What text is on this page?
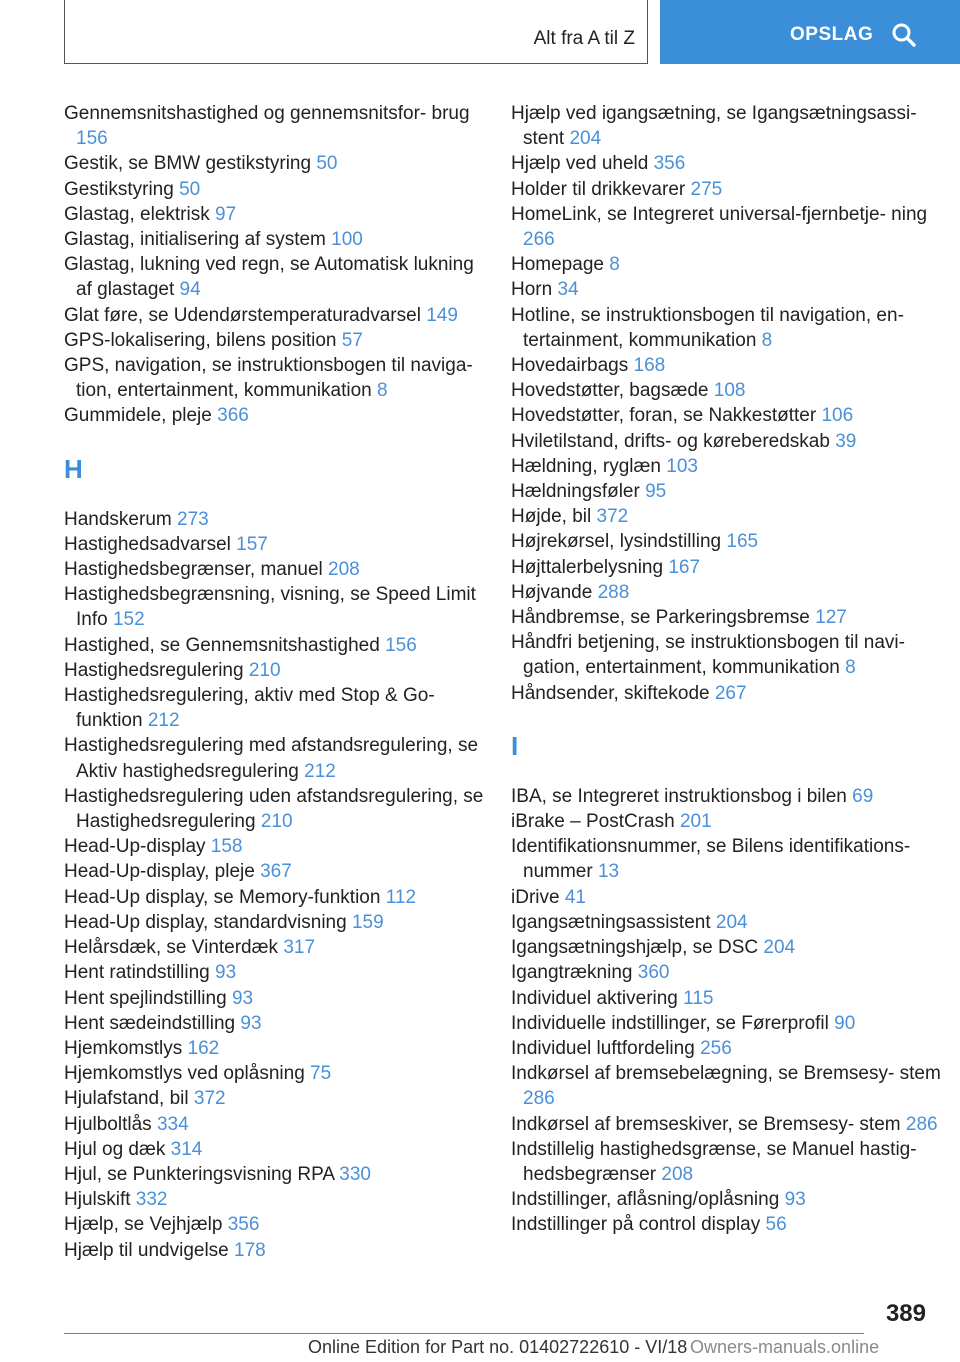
Alt fra A til Z	OPSLAG
Gennemsnitshastighed og gennemsnitsfor- brug 156
Gestik, se BMW gestikstyring 50
Gestikstyring 50
Glastag, elektrisk 97
Glastag, initialisering af system 100
Glastag, lukning ved regn, se Automatisk lukning af glastaget 94
Glat føre, se Udendørstemperaturadvarsel 149
GPS-lokalisering, bilens position 57
GPS, navigation, se instruktionsbogen til naviga- tion, entertainment, kommunikation 8
Gummidele, pleje 366
H
Handskerum 273
Hastighedsadvarsel 157
Hastighedsbegrænser, manuel 208
Hastighedsbegrænsning, visning, se Speed Limit Info 152
Hastighed, se Gennemsnitshastighed 156
Hastighedsregulering 210
Hastighedsregulering, aktiv med Stop & Go- funktion 212
Hastighedsregulering med afstandsregulering, se Aktiv hastighedsregulering 212
Hastighedsregulering uden afstandsregulering, se Hastighedsregulering 210
Head-Up-display 158
Head-Up-display, pleje 367
Head-Up display, se Memory-funktion 112
Head-Up display, standardvisning 159
Helårsdæk, se Vinterdæk 317
Hent ratindstilling 93
Hent spejlindstilling 93
Hent sædeindstilling 93
Hjemkomstlys 162
Hjemkomstlys ved oplåsning 75
Hjulafstand, bil 372
Hjulboltlås 334
Hjul og dæk 314
Hjul, se Punkteringsvisning RPA 330
Hjulskift 332
Hjælp, se Vejhjælp 356
Hjælp til undvigelse 178
Hjælp ved igangsætning, se Igangsætningsassi- stent 204
Hjælp ved uheld 356
Holder til drikkevarer 275
HomeLink, se Integreret universal-fjernbetje- ning 266
Homepage 8
Horn 34
Hotline, se instruktionsbogen til navigation, en- tertainment, kommunikation 8
Hovedairbags 168
Hovedstøtter, bagsæde 108
Hovedstøtter, foran, se Nakkestøtter 106
Hviletilstand, drifts- og kørеberedskab 39
Hældning, ryglæn 103
Hældningsføler 95
Højde, bil 372
Højrekørsel, lysindstilling 165
Højttalerbelysning 167
Højvande 288
Håndbremse, se Parkeringsbremse 127
Håndfri betjening, se instruktionsbogen til navi- gation, entertainment, kommunikation 8
Håndsender, skiftekode 267
I
IBA, se Integreret instruktionsbog i bilen 69
iBrake – PostCrash 201
Identifikationsnummer, se Bilens identifikations- nummer 13
iDrive 41
Igangsætningsassistent 204
Igangsætningshjælp, se DSC 204
Igangtrækning 360
Individuel aktivering 115
Individuelle indstillinger, se Førerprofil 90
Individuel luftfordeling 256
Indkørsel af bremsebelægning, se Bremsesy- stem 286
Indkørsel af bremseskiver, se Bremsesy- stem 286
Indstillelig hastighedsgrænse, se Manuel hastig- hedsbegrænser 208
Indstillinger, aflåsning/oplåsning 93
Indstillinger på control display 56
389
Online Edition for Part no. 01402722610 - VI/18 Owners-manuals.online
